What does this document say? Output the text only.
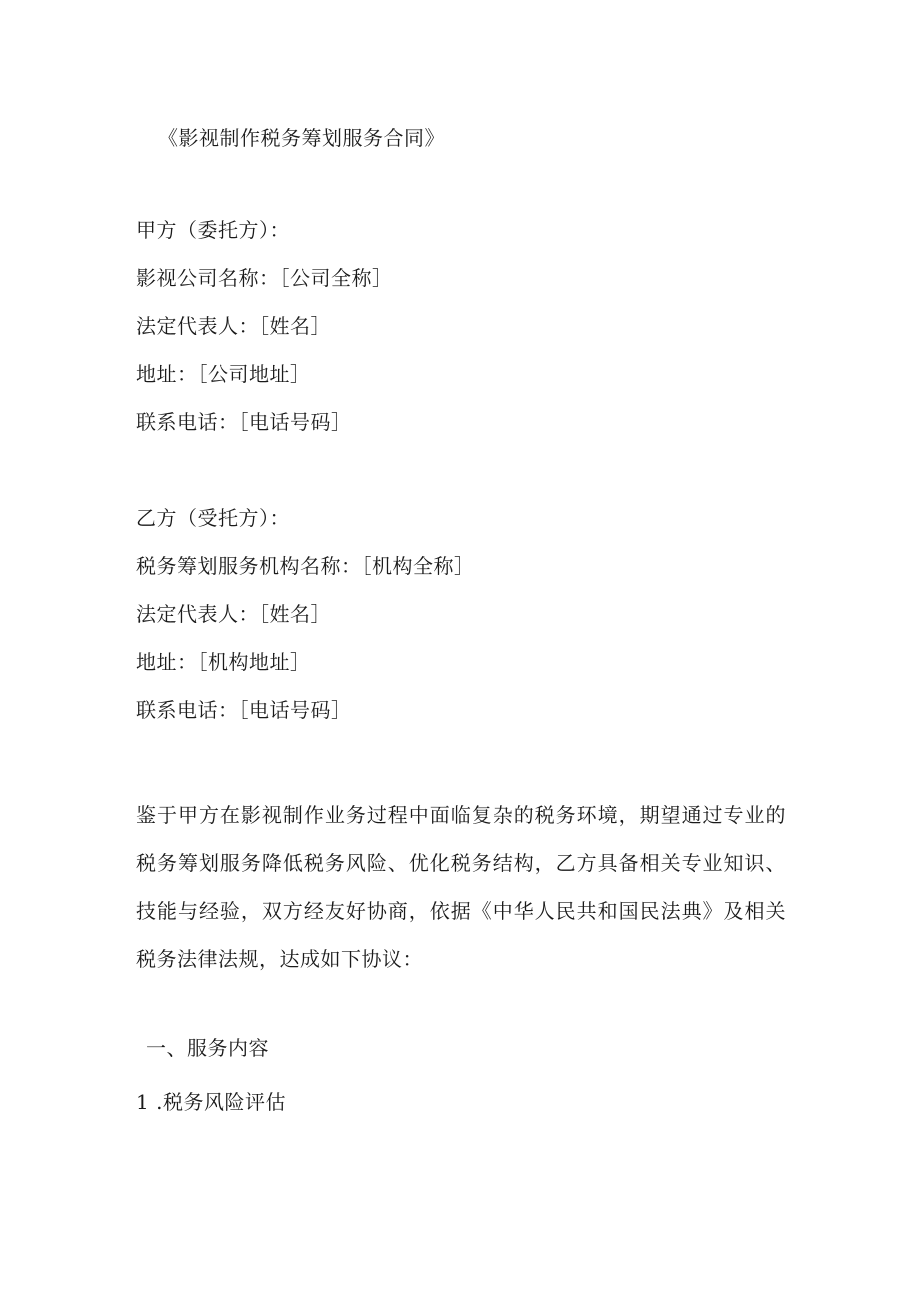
《影视制作税务筹划服务合同》
甲方（委托方）：
影视公司名称：［公司全称］
法定代表人：［姓名］
地址：［公司地址］
联系电话：［电话号码］
乙方（受托方）：
税务筹划服务机构名称：［机构全称］
法定代表人：［姓名］
地址：［机构地址］
联系电话：［电话号码］
鉴于甲方在影视制作业务过程中面临复杂的税务环境，期望通过专业的税务筹划服务降低税务风险、优化税务结构，乙方具备相关专业知识、技能与经验，双方经友好协商，依据《中华人民共和国民法典》及相关税务法律法规，达成如下协议：
一、服务内容
1 .税务风险评估
